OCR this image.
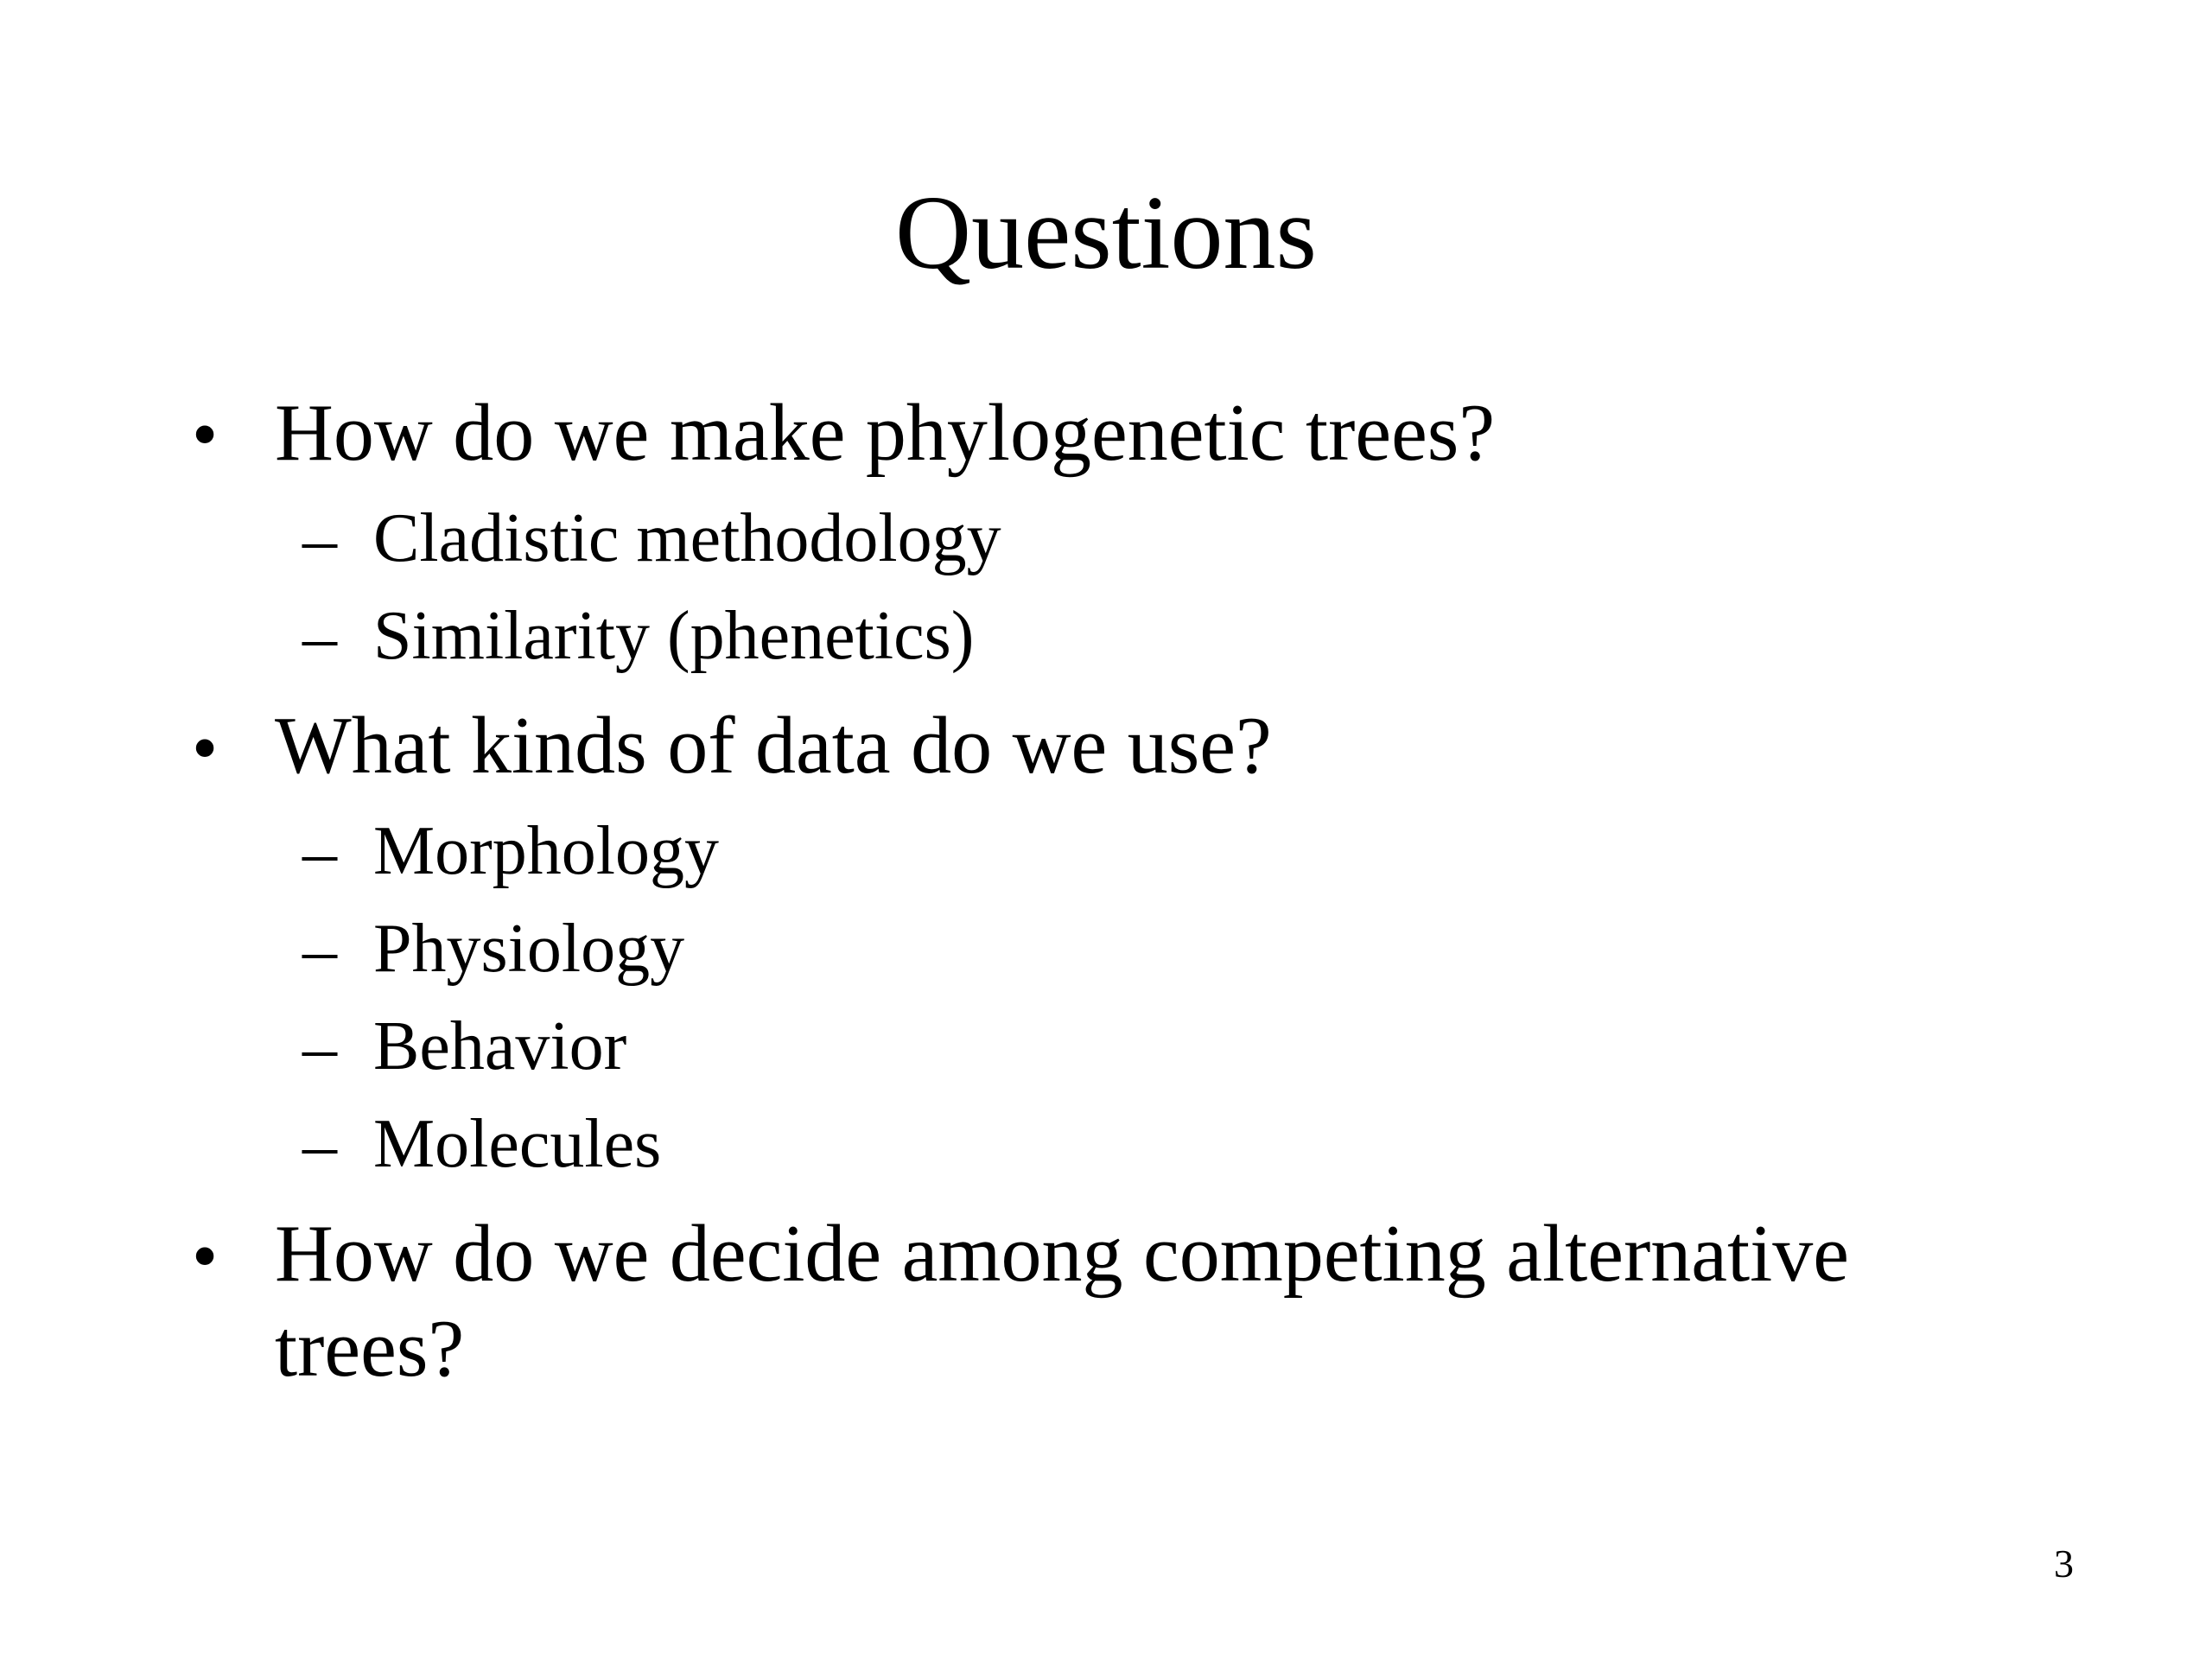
Questions
• How do we make phylogenetic trees?
– Cladistic methodology
– Similarity (phenetics)
• What kinds of data do we use?
– Morphology
– Physiology
– Behavior
– Molecules
• How do we decide among competing alternative
trees?
3
